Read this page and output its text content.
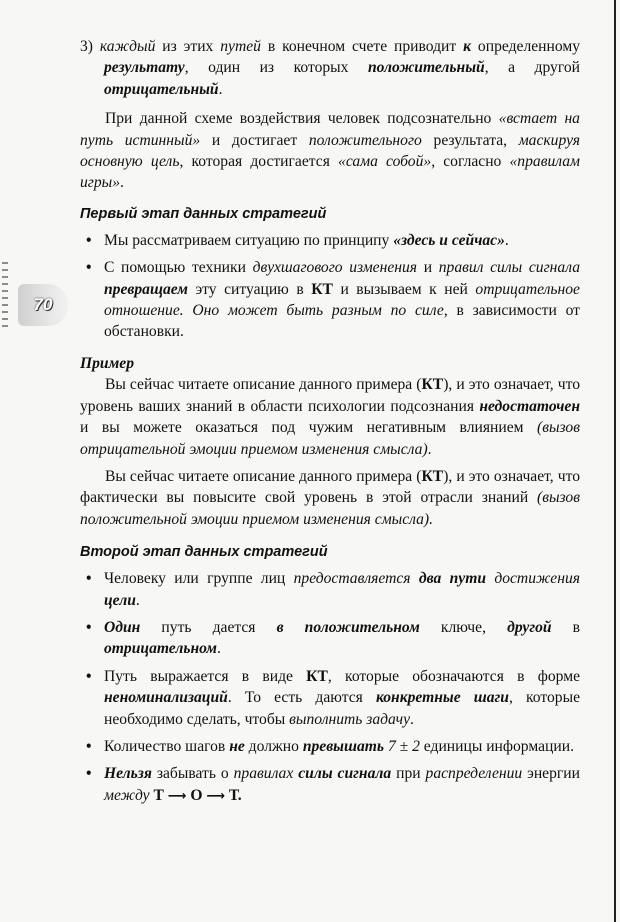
70

3) каждый из этих путей в конечном счете приводит к определенному результату, один из которых положительный, а другой отрицательный.

При данной схеме воздействия человек подсознательно «встает на путь истинный» и достигает положительного результата, маскируя основную цель, которая достигается «сама собой», согласно «правилам игры».

Первый этап данных стратегий
• Мы рассматриваем ситуацию по принципу «здесь и сейчас».
• С помощью техники двухшагового изменения и правил силы сигнала превращаем эту ситуацию в КТ и вызываем к ней отрицательное отношение. Оно может быть разным по силе, в зависимости от обстановки.

Пример

Вы сейчас читаете описание данного примера (КТ), и это означает, что уровень ваших знаний в области психологии подсознания недостаточен и вы можете оказаться под чужим негативным влиянием (вызов отрицательной эмоции приемом изменения смысла).

Вы сейчас читаете описание данного примера (КТ), и это означает, что фактически вы повысите свой уровень в этой отрасли знаний (вызов положительной эмоции приемом изменения смысла).

Второй этап данных стратегий
• Человеку или группе лиц предоставляется два пути достижения цели.
• Один путь дается в положительном ключе, другой в отрицательном.
• Путь выражается в виде КТ, которые обозначаются в форме неноминализаций. То есть даются конкретные шаги, которые необходимо сделать, чтобы выполнить задачу.
• Количество шагов не должно превышать 7 ± 2 единицы информации.
• Нельзя забывать о правилах силы сигнала при распределении энергии между Т ⟶ О ⟶ Т.
